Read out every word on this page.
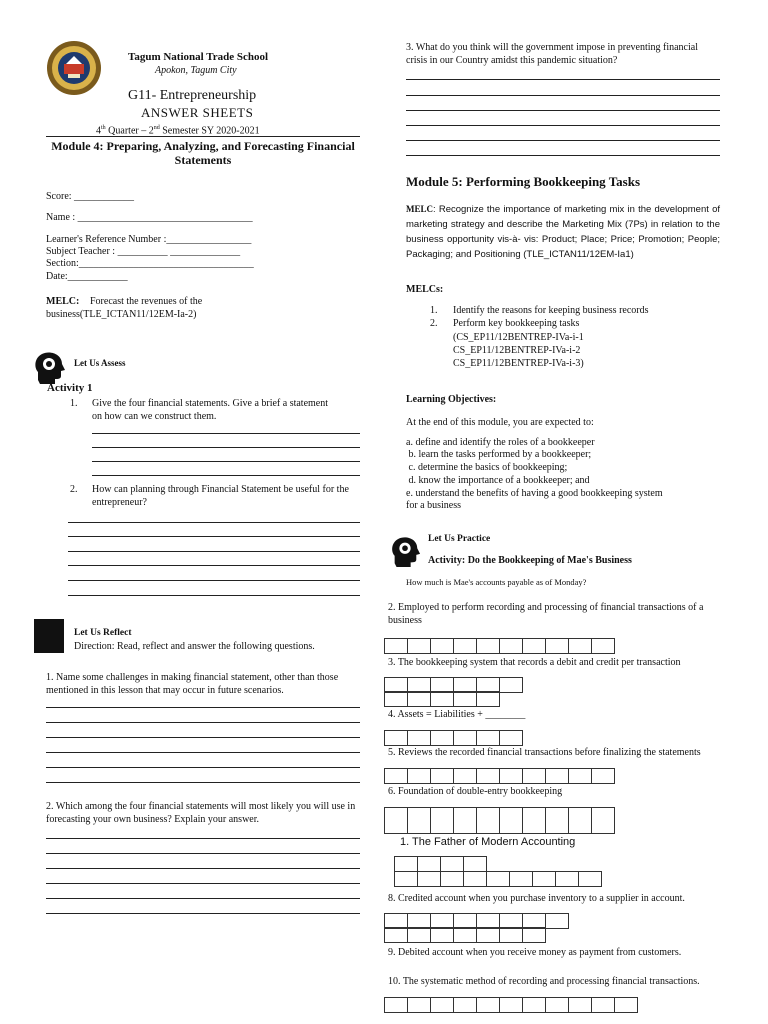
Tagum National Trade School
Apokon, Tagum City
G11- Entrepreneurship
ANSWER SHEETS
4th Quarter – 2nd Semester SY 2020-2021
Module 4: Preparing, Analyzing, and Forecasting Financial Statements
Score: ____________
Name : ___________________________________
Learner's Reference Number :_________________
Subject Teacher : __________ ______________
Section:___________________________________
Date:____________
MELC:	Forecast the revenues of the business(TLE_ICTAN11/12EM-Ia-2)
Let Us Assess
Activity 1
1. Give the four financial statements. Give a brief a statement on how can we construct them.
2. How can planning through Financial Statement be useful for the entrepreneur?
Let Us Reflect
Direction: Read, reflect and answer the following questions.
1. Name some challenges in making financial statement, other than those mentioned in this lesson that may occur in future scenarios.
2. Which among the four financial statements will most likely you will use in forecasting your own business? Explain your answer.
3. What do you think will the government impose in preventing financial crisis in our Country amidst this pandemic situation?
Module 5: Performing Bookkeeping Tasks
MELC: Recognize the importance of marketing mix in the development of marketing strategy and describe the Marketing Mix (7Ps) in relation to the business opportunity vis-à- vis: Product; Place; Price; Promotion; People; Packaging; and Positioning (TLE_ICTAN11/12EM-Ia1)
MELCs:
1. Identify the reasons for keeping business records
2. Perform key bookkeeping tasks
(CS_EP11/12BENTREP-IVa-i-1
CS_EP11/12BENTREP-IVa-i-2
CS_EP11/12BENTREP-IVa-i-3)
Learning Objectives:
At the end of this module, you are expected to:
a. define and identify the roles of a bookkeeper
b. learn the tasks performed by a bookkeeper;
c. determine the basics of bookkeeping;
d. know the importance of a bookkeeper; and
e. understand the benefits of having a good bookkeeping system
for a business
Let Us Practice
Activity: Do the Bookkeeping of Mae's Business
How much is Mae's accounts payable as of Monday?
2. Employed to perform recording and processing of financial transactions of a business
3. The bookkeeping system that records a debit and credit per transaction
4. Assets = Liabilities + ________
5. Reviews the recorded financial transactions before finalizing the statements
6. Foundation of double-entry bookkeeping
1. The Father of Modern Accounting
8. Credited account when you purchase inventory to a supplier in account.
9. Debited account when you receive money as payment from customers.
10. The systematic method of recording and processing financial transactions.
